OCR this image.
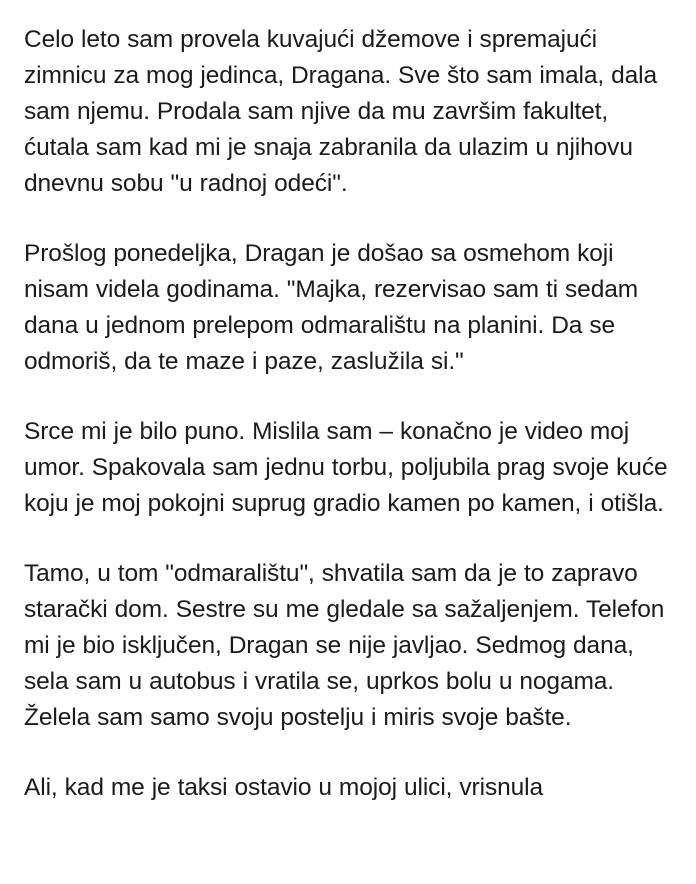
Celo leto sam provela kuvajući džemove i spremajući zimnicu za mog jedinca, Dragana. Sve što sam imala, dala sam njemu. Prodala sam njive da mu završim fakultet, ćutala sam kad mi je snaja zabranila da ulazim u njihovu dnevnu sobu "u radnoj odeći".

Prošlog ponedeljka, Dragan je došao sa osmehom koji nisam videla godinama. "Majka, rezervisao sam ti sedam dana u jednom prelepom odmaralištu na planini. Da se odmoriš, da te maze i paze, zaslužila si."

Srce mi je bilo puno. Mislila sam – konačno je video moj umor. Spakovala sam jednu torbu, poljubila prag svoje kuće koju je moj pokojni suprug gradio kamen po kamen, i otišla.

Tamo, u tom "odmaralištu", shvatila sam da je to zapravo starački dom. Sestre su me gledale sa sažaljenjem. Telefon mi je bio isključen, Dragan se nije javljao. Sedmog dana, sela sam u autobus i vratila se, uprkos bolu u nogama. Želela sam samo svoju postelju i miris svoje bašte.

Ali, kad me je taksi ostavio u mojoj ulici, vrisnula
